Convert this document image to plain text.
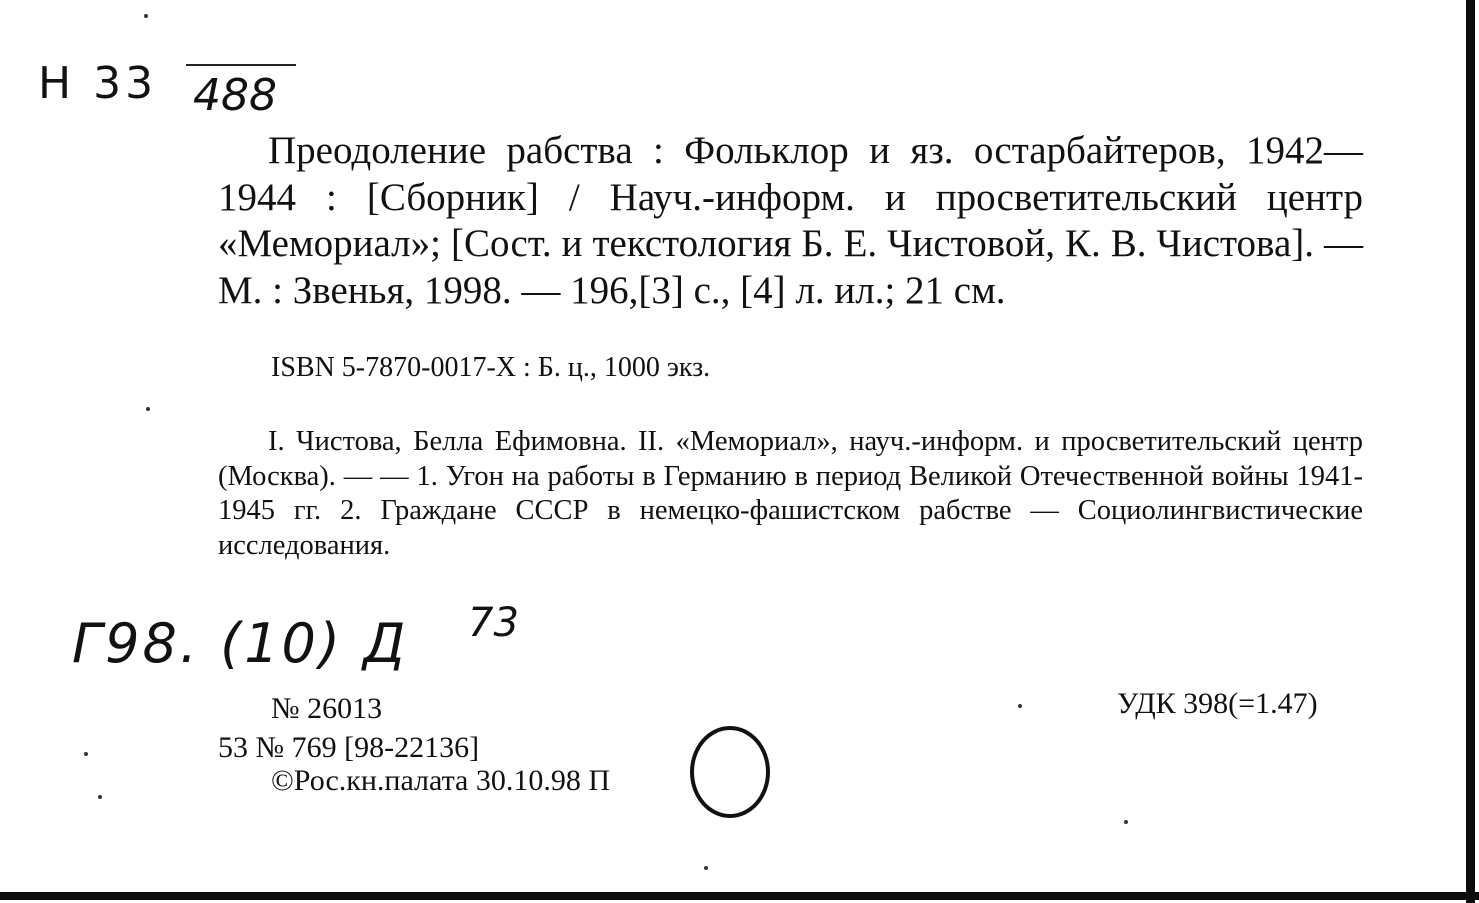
Н 33 488

Преодоление рабства : Фольклор и яз. остарбайтеров, 1942—1944 : [Сборник] / Науч.-информ. и просветительский центр «Мемориал»; [Сост. и текстология Б. Е. Чистовой, К. В. Чистова]. — М. : Звенья, 1998. — 196,[3] с., [4] л. ил.; 21 см.

ISBN 5-7870-0017-X : Б. ц., 1000 экз.

I. Чистова, Белла Ефимовна. II. «Мемориал», науч.-информ. и просветительский центр (Москва). — — 1. Угон на работы в Германию в период Великой Отечественной войны 1941-1945 гг. 2. Граждане СССР в немецко-фашистском рабстве — Социолингвистические исследования.

Г98. (10) Д 73
№ 26013
53 № 769 [98-22136]
©Рос.кн.палата 30.10.98 П
УДК 398(=1.47)
